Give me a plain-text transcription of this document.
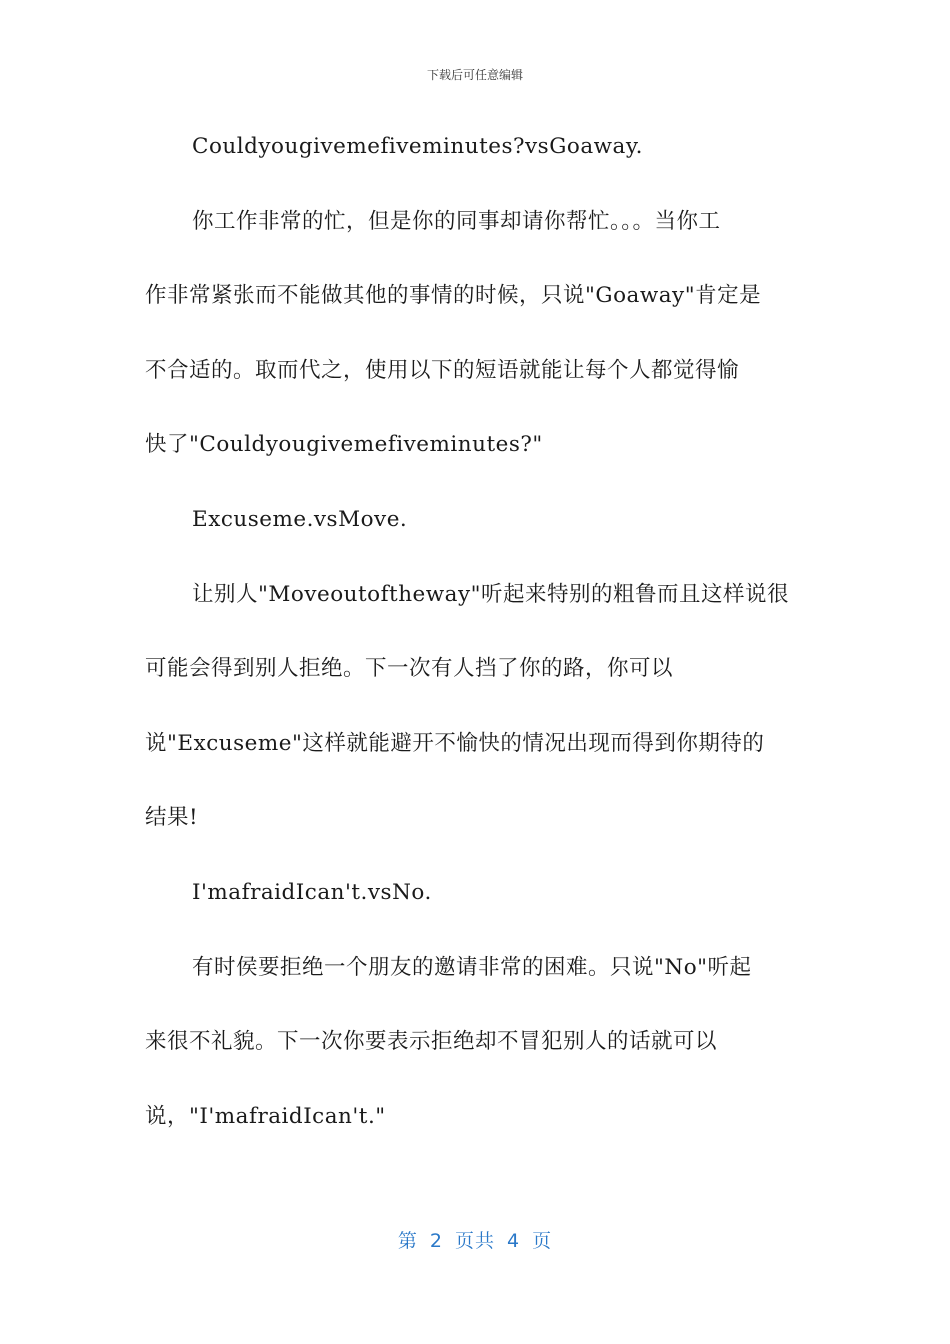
下载后可任意编辑
Couldyougivemefiveminutes?vsGoaway.
你工作非常的忙，但是你的同事却请你帮忙。。。当你工
作非常紧张而不能做其他的事情的时候，只说"Goaway"肯定是
不合适的。取而代之，使用以下的短语就能让每个人都觉得愉
快了"Couldyougivemefiveminutes?"
Excuseme.vsMove.
让别人"Moveoutoftheway"听起来特别的粗鲁而且这样说很
可能会得到别人拒绝。下一次有人挡了你的路，你可以
说"Excuseme"这样就能避开不愉快的情况出现而得到你期待的
结果!
I'mafraidIcan't.vsNo.
有时侯要拒绝一个朋友的邀请非常的困难。只说"No"听起
来很不礼貌。下一次你要表示拒绝却不冒犯别人的话就可以
说，"I'mafraidIcan't."
第 2 页共 4 页
